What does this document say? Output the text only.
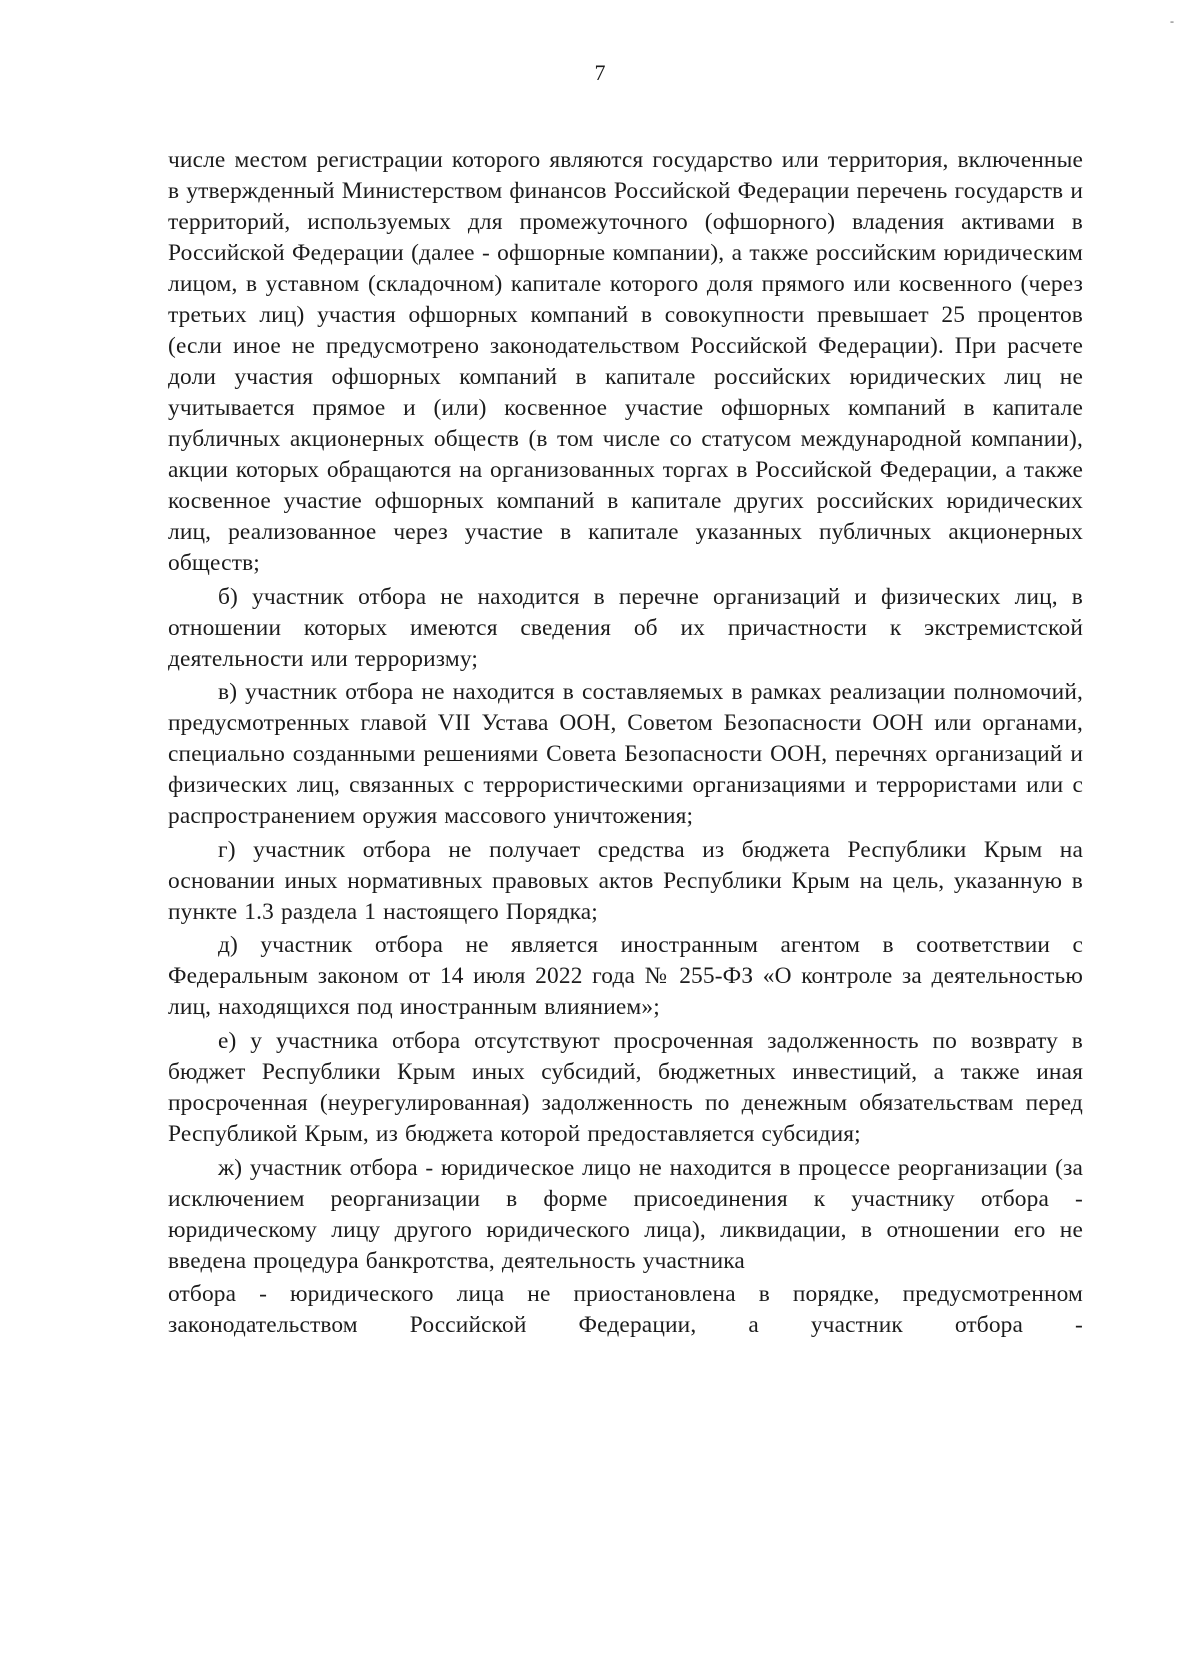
-
7

числе местом регистрации которого являются государство или территория, включенные в утвержденный Министерством финансов Российской Федерации перечень государств и территорий, используемых для промежуточного (офшорного) владения активами в Российской Федерации (далее - офшорные компании), а также российским юридическим лицом, в уставном (складочном) капитале которого доля прямого или косвенного (через третьих лиц) участия офшорных компаний в совокупности превышает 25 процентов (если иное не предусмотрено законодательством Российской Федерации). При расчете доли участия офшорных компаний в капитале российских юридических лиц не учитывается прямое и (или) косвенное участие офшорных компаний в капитале публичных акционерных обществ (в том числе со статусом международной компании), акции которых обращаются на организованных торгах в Российской Федерации, а также косвенное участие офшорных компаний в капитале других российских юридических лиц, реализованное через участие в капитале указанных публичных акционерных обществ;

б) участник отбора не находится в перечне организаций и физических лиц, в отношении которых имеются сведения об их причастности к экстремистской деятельности или терроризму;

в) участник отбора не находится в составляемых в рамках реализации полномочий, предусмотренных главой VII Устава ООН, Советом Безопасности ООН или органами, специально созданными решениями Совета Безопасности ООН, перечнях организаций и физических лиц, связанных с террористическими организациями и террористами или с распространением оружия массового уничтожения;

г) участник отбора не получает средства из бюджета Республики Крым на основании иных нормативных правовых актов Республики Крым на цель, указанную в пункте 1.3 раздела 1 настоящего Порядка;

д) участник отбора не является иностранным агентом в соответствии с Федеральным законом от 14 июля 2022 года № 255-ФЗ «О контроле за деятельностью лиц, находящихся под иностранным влиянием»;

е) у участника отбора отсутствуют просроченная задолженность по возврату в бюджет Республики Крым иных субсидий, бюджетных инвестиций, а также иная просроченная (неурегулированная) задолженность по денежным обязательствам перед Республикой Крым, из бюджета которой предоставляется субсидия;

ж) участник отбора - юридическое лицо не находится в процессе реорганизации (за исключением реорганизации в форме присоединения к участнику отбора - юридическому лицу другого юридического лица), ликвидации, в отношении его не введена процедура банкротства, деятельность участника

отбора - юридического лица не приостановлена в порядке, предусмотренном законодательством Российской Федерации, а участник отбора -
